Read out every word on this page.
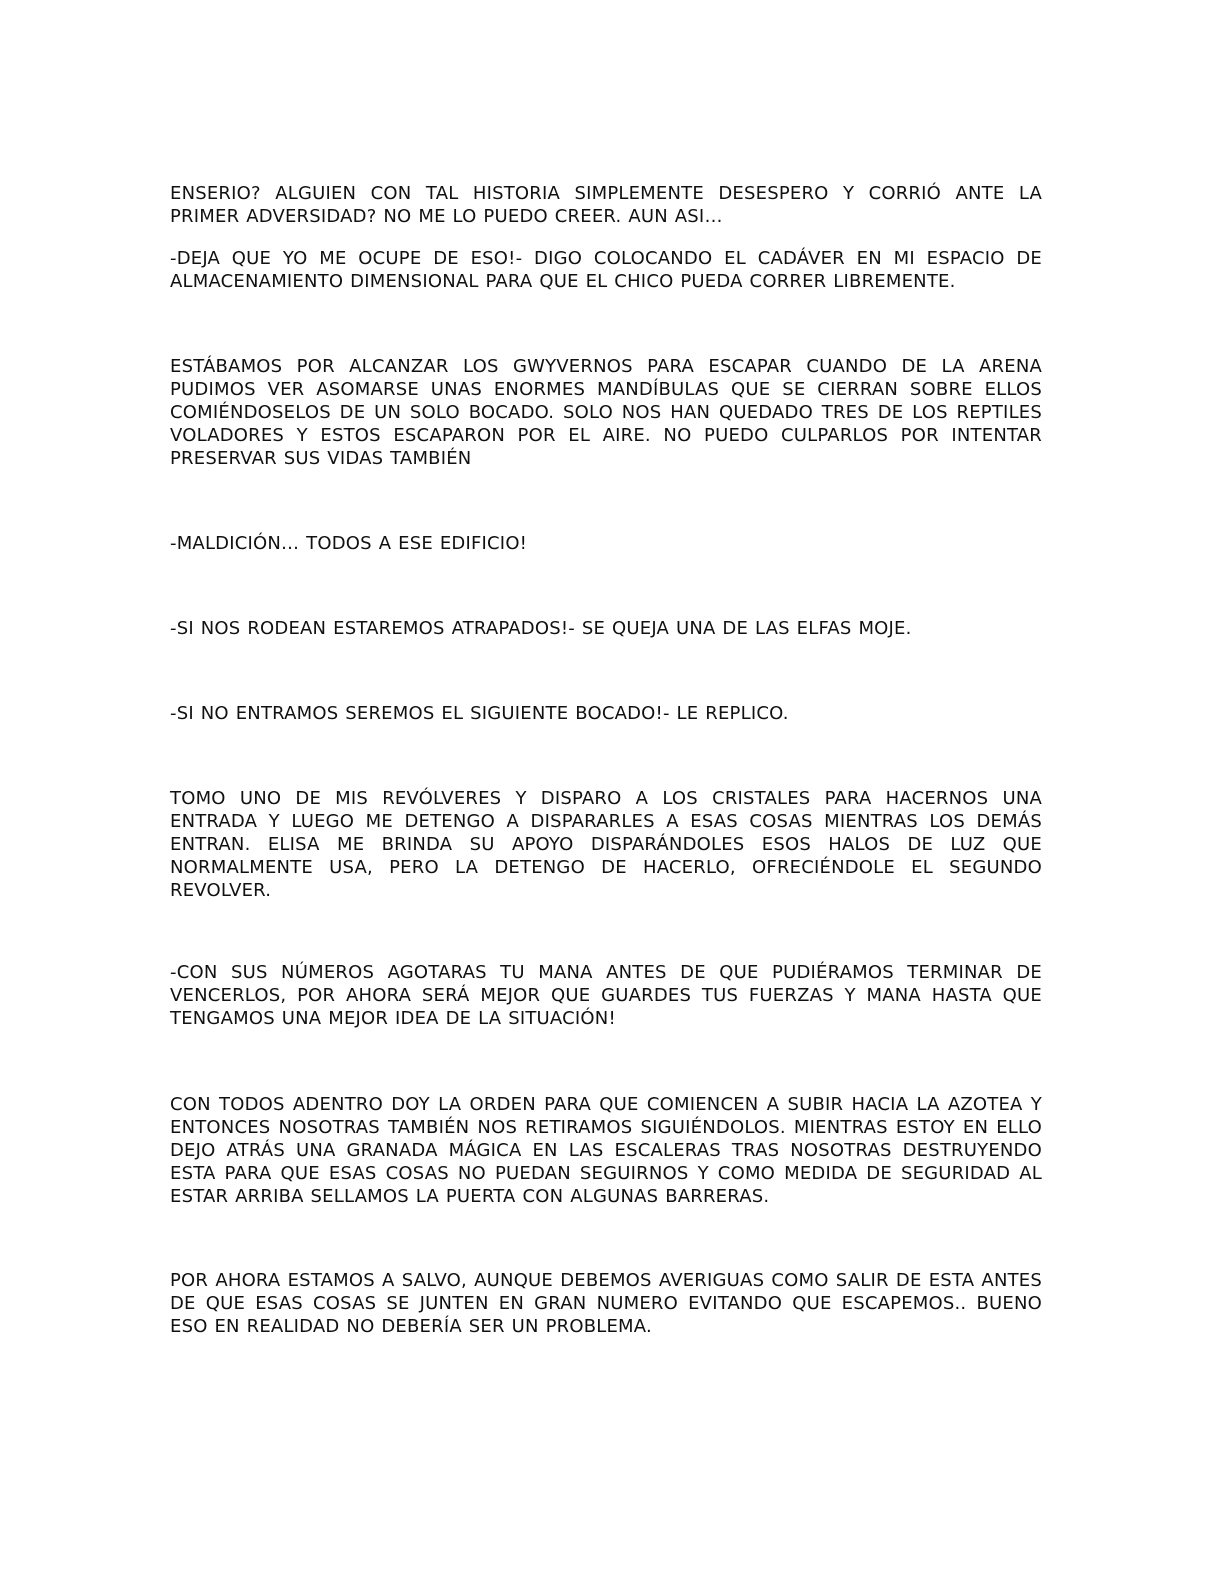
ENSERIO? ALGUIEN CON TAL HISTORIA SIMPLEMENTE DESESPERO Y CORRIÓ ANTE LA PRIMER ADVERSIDAD? NO ME LO PUEDO CREER. AUN ASI…

-DEJA QUE YO ME OCUPE DE ESO!- DIGO COLOCANDO EL CADÁVER EN MI ESPACIO DE ALMACENAMIENTO DIMENSIONAL PARA QUE EL CHICO PUEDA CORRER LIBREMENTE.

ESTÁBAMOS POR ALCANZAR LOS GWYVERNOS PARA ESCAPAR CUANDO DE LA ARENA PUDIMOS VER ASOMARSE UNAS ENORMES MANDÍBULAS QUE SE CIERRAN SOBRE ELLOS COMIÉNDOSELOS DE UN SOLO BOCADO. SOLO NOS HAN QUEDADO TRES DE LOS REPTILES VOLADORES Y ESTOS ESCAPARON POR EL AIRE. NO PUEDO CULPARLOS POR INTENTAR PRESERVAR SUS VIDAS TAMBIÉN

-MALDICIÓN… TODOS A ESE EDIFICIO!

-SI NOS RODEAN ESTAREMOS ATRAPADOS!- SE QUEJA UNA DE LAS ELFAS MOJE.

-SI NO ENTRAMOS SEREMOS EL SIGUIENTE BOCADO!- LE REPLICO.

TOMO UNO DE MIS REVÓLVERES Y DISPARO A LOS CRISTALES PARA HACERNOS UNA ENTRADA Y LUEGO ME DETENGO A DISPARARLES A ESAS COSAS MIENTRAS LOS DEMÁS ENTRAN. ELISA ME BRINDA SU APOYO DISPARÁNDOLES ESOS HALOS DE LUZ QUE NORMALMENTE USA, PERO LA DETENGO DE HACERLO, OFRECIÉNDOLE EL SEGUNDO REVOLVER.

-CON SUS NÚMEROS AGOTARAS TU MANA ANTES DE QUE PUDIÉRAMOS TERMINAR DE VENCERLOS, POR AHORA SERÁ MEJOR QUE GUARDES TUS FUERZAS Y MANA HASTA QUE TENGAMOS UNA MEJOR IDEA DE LA SITUACIÓN!

CON TODOS ADENTRO DOY LA ORDEN PARA QUE COMIENCEN A SUBIR HACIA LA AZOTEA Y ENTONCES NOSOTRAS TAMBIÉN NOS RETIRAMOS SIGUIÉNDOLOS. MIENTRAS ESTOY EN ELLO DEJO ATRÁS UNA GRANADA MÁGICA EN LAS ESCALERAS TRAS NOSOTRAS DESTRUYENDO ESTA PARA QUE ESAS COSAS NO PUEDAN SEGUIRNOS Y COMO MEDIDA DE SEGURIDAD AL ESTAR ARRIBA SELLAMOS LA PUERTA CON ALGUNAS BARRERAS.

POR AHORA ESTAMOS A SALVO, AUNQUE DEBEMOS AVERIGUAS COMO SALIR DE ESTA ANTES DE QUE ESAS COSAS SE JUNTEN EN GRAN NUMERO EVITANDO QUE ESCAPEMOS.. BUENO ESO EN REALIDAD NO DEBERÍA SER UN PROBLEMA.
